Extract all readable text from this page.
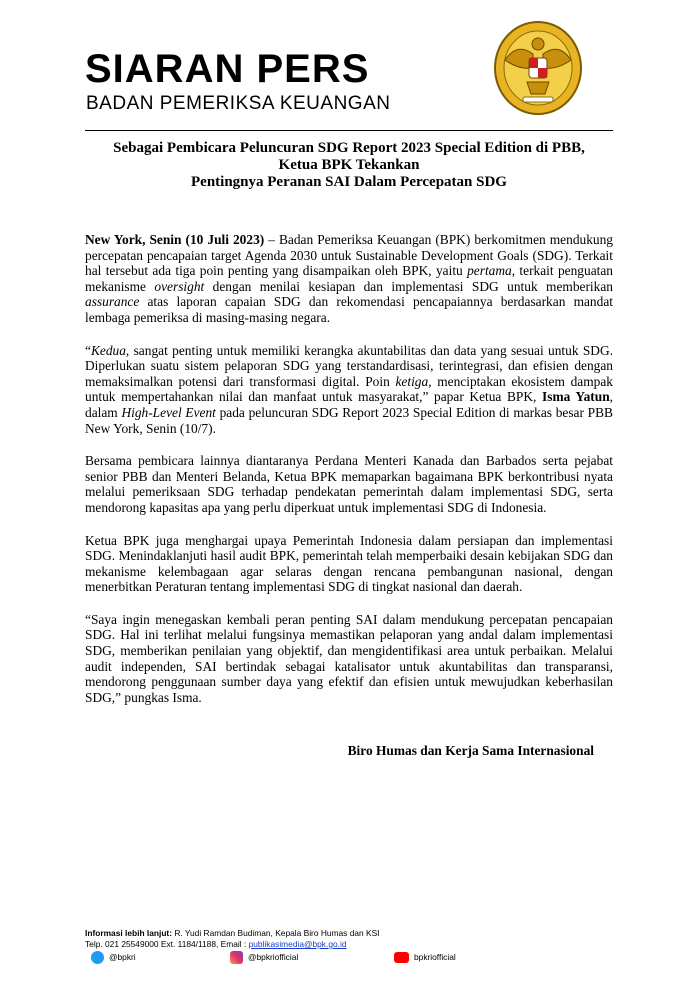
SIARAN PERS
BADAN PEMERIKSA KEUANGAN
Sebagai Pembicara Peluncuran SDG Report 2023 Special Edition di PBB,
Ketua BPK Tekankan
Pentingnya Peranan SAI Dalam Percepatan SDG

New York, Senin (10 Juli 2023) – Badan Pemeriksa Keuangan (BPK) berkomitmen mendukung percepatan pencapaian target Agenda 2030 untuk Sustainable Development Goals (SDG). Terkait hal tersebut ada tiga poin penting yang disampaikan oleh BPK, yaitu pertama, terkait penguatan mekanisme oversight dengan menilai kesiapan dan implementasi SDG untuk memberikan assurance atas laporan capaian SDG dan rekomendasi pencapaiannya berdasarkan mandat lembaga pemeriksa di masing-masing negara.

“Kedua, sangat penting untuk memiliki kerangka akuntabilitas dan data yang sesuai untuk SDG. Diperlukan suatu sistem pelaporan SDG yang terstandardisasi, terintegrasi, dan efisien dengan memaksimalkan potensi dari transformasi digital. Poin ketiga, menciptakan ekosistem dampak untuk mempertahankan nilai dan manfaat untuk masyarakat,” papar Ketua BPK, Isma Yatun, dalam High-Level Event pada peluncuran SDG Report 2023 Special Edition di markas besar PBB New York, Senin (10/7).

Bersama pembicara lainnya diantaranya Perdana Menteri Kanada dan Barbados serta pejabat senior PBB dan Menteri Belanda, Ketua BPK memaparkan bagaimana BPK berkontribusi nyata melalui pemeriksaan SDG terhadap pendekatan pemerintah dalam implementasi SDG, serta mendorong kapasitas apa yang perlu diperkuat untuk implementasi SDG di Indonesia.

Ketua BPK juga menghargai upaya Pemerintah Indonesia dalam persiapan dan implementasi SDG. Menindaklanjuti hasil audit BPK, pemerintah telah memperbaiki desain kebijakan SDG dan mekanisme kelembagaan agar selaras dengan rencana pembangunan nasional, dengan menerbitkan Peraturan tentang implementasi SDG di tingkat nasional dan daerah.

“Saya ingin menegaskan kembali peran penting SAI dalam mendukung percepatan pencapaian SDG. Hal ini terlihat melalui fungsinya memastikan pelaporan yang andal dalam implementasi SDG, memberikan penilaian yang objektif, dan mengidentifikasi area untuk perbaikan. Melalui audit independen, SAI bertindak sebagai katalisator untuk akuntabilitas dan transparansi, mendorong penggunaan sumber daya yang efektif dan efisien untuk mewujudkan keberhasilan SDG,” pungkas Isma.

Biro Humas dan Kerja Sama Internasional
Informasi lebih lanjut: R. Yudi Ramdan Budiman, Kepala Biro Humas dan KSI
Telp. 021 25549000 Ext. 1184/1188, Email : publikasimedia@bpk.go.id
@bpkri	@bpkriofficial	bpkriofficial
